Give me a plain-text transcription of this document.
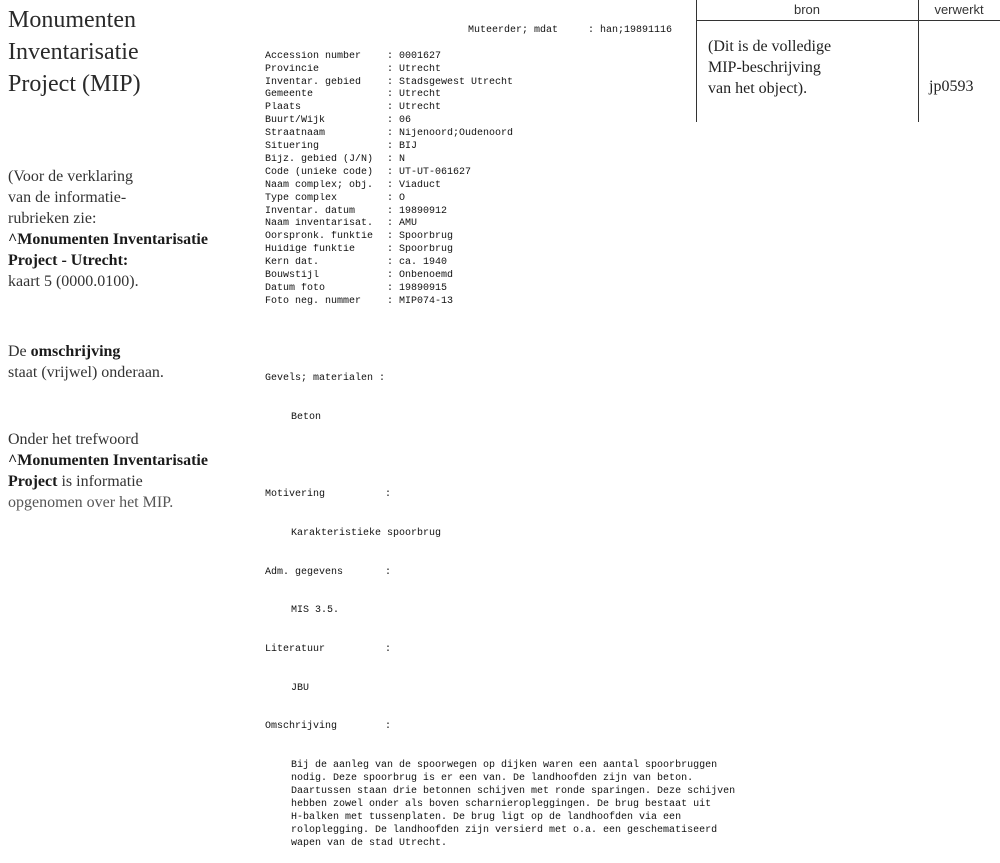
Monumenten
Inventarisatie
Project (MIP)
(Voor de verklaring
van de informatie-
rubrieken zie:
^Monumenten Inventarisatie
Project - Utrecht:
kaart 5 (0000.0100).
De omschrijving
staat (vrijwel) onderaan.
Onder het trefwoord
^Monumenten Inventarisatie
Project is informatie
opgenomen over het MIP.
bron	verwerkt
(Dit is de volledige
MIP-beschrijving
van het object).	jp0593
Muteerder; mdat     : han;19891116

Accession number	: 0001627
Provincie	: Utrecht
Inventar. gebied	: Stadsgewest Utrecht
Gemeente	: Utrecht
Plaats	: Utrecht
Buurt/Wijk	: 06
Straatnaam	: Nijenoord;Oudenoord
Situering	: BIJ
Bijz. gebied (J/N)	: N
Code (unieke code)	: UT-UT-061627
Naam complex; obj.	: Viaduct
Type complex	: O
Inventar. datum	: 19890912
Naam inventarisat.	: AMU
Oorspronk. funktie	: Spoorbrug
Huidige funktie	: Spoorbrug
Kern dat.	: ca. 1940
Bouwstijl	: Onbenoemd
Datum foto	: 19890915
Foto neg. nummer	: MIP074-13

Gevels; materialen :

Beton

Motivering          :

Karakteristieke spoorbrug

Adm. gegevens       :

MIS 3.5.

Literatuur          :

JBU

Omschrijving        :

Bij de aanleg van de spoorwegen op dijken waren een aantal spoorbruggen
nodig. Deze spoorbrug is er een van. De landhoofden zijn van beton.
Daartussen staan drie betonnen schijven met ronde sparingen. Deze schijven
hebben zowel onder als boven scharnieropleggingen. De brug bestaat uit
H-balken met tussenplaten. De brug ligt op de landhoofden via een
roloplegging. De landhoofden zijn versierd met o.a. een geschematiseerd
wapen van de stad Utrecht.
